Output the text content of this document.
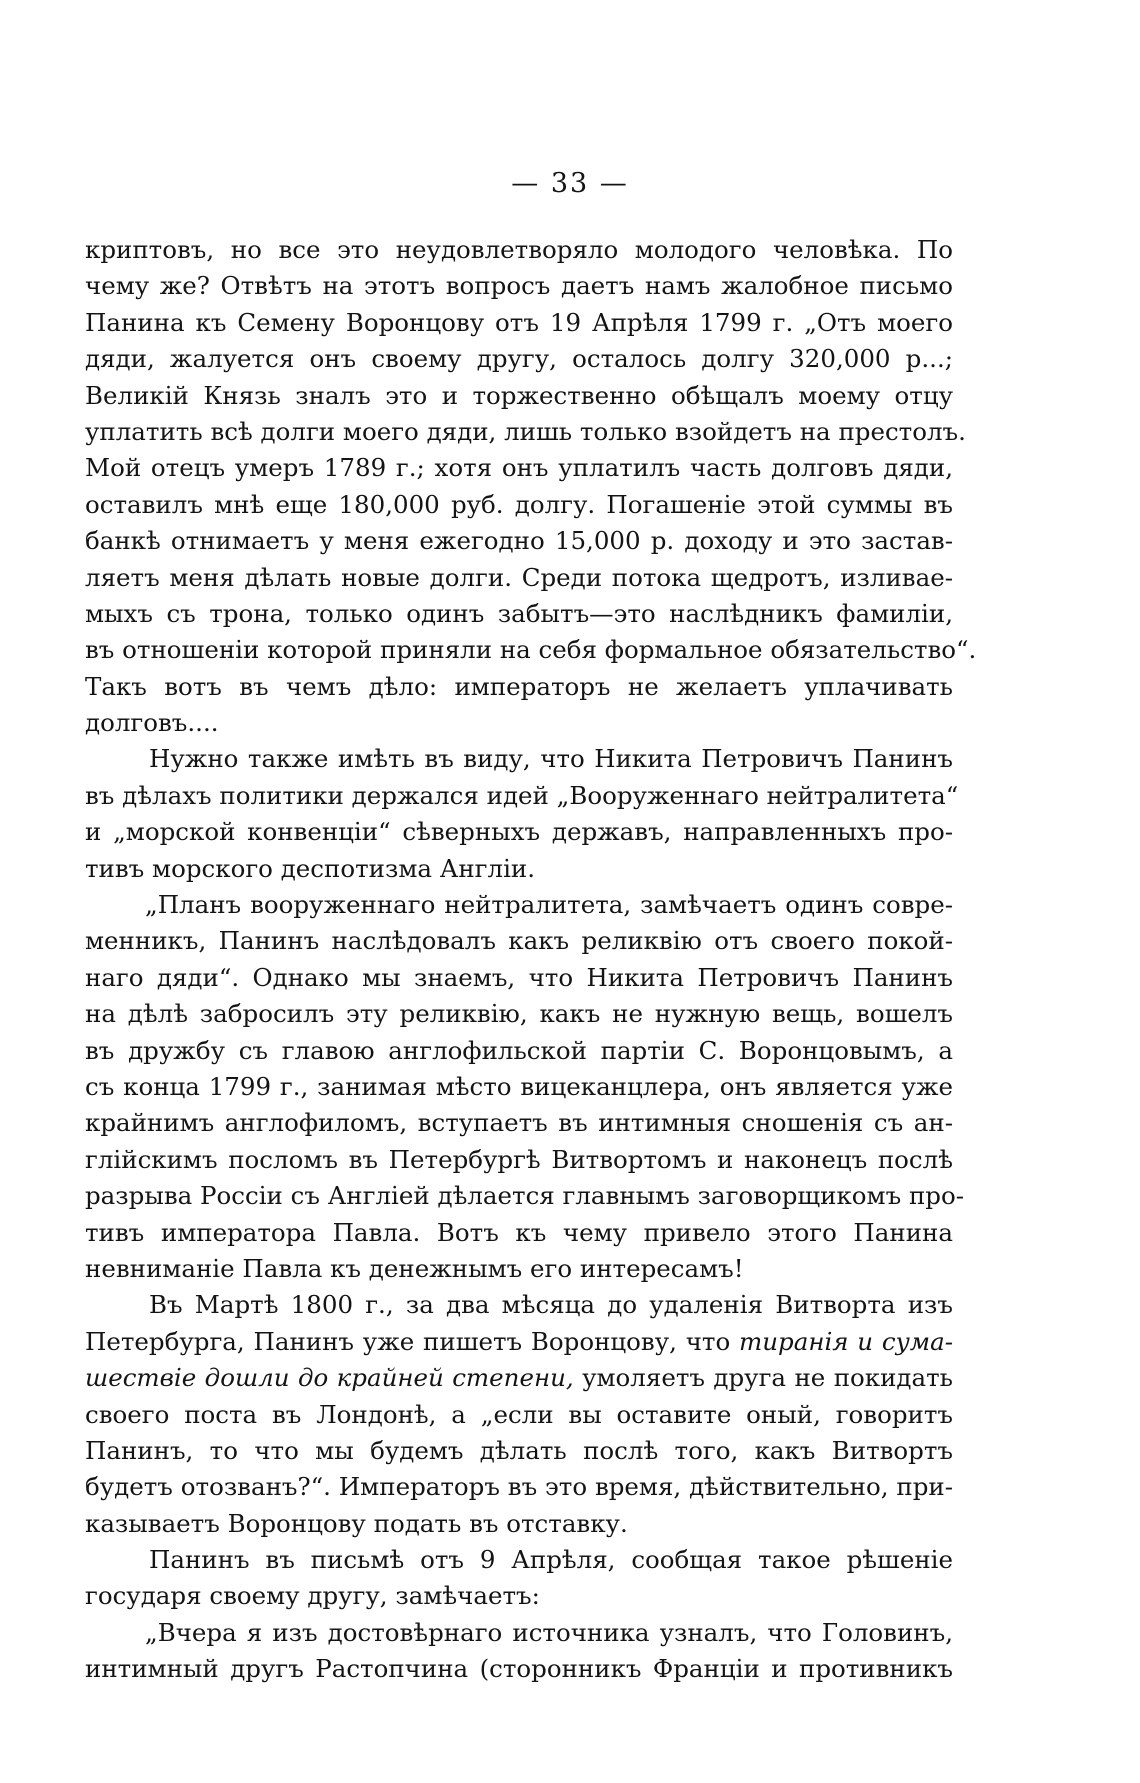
— 33 —
криптовъ, но все это неудовлетворяло молодого человѣка. По
чему же? Отвѣтъ на этотъ вопросъ даетъ намъ жалобное письмо
Панина къ Семену Воронцову отъ 19 Апрѣля 1799 г. „Отъ моего
дяди, жалуется онъ своему другу, осталось долгу 320,000 р...;
Великій Князь зналъ это и торжественно обѣщалъ моему отцу
уплатить всѣ долги моего дяди, лишь только взойдетъ на престолъ.
Мой отецъ умеръ 1789 г.; хотя онъ уплатилъ часть долговъ дяди,
оставилъ мнѣ еще 180,000 руб. долгу. Погашеніе этой суммы въ
банкѣ отнимаетъ у меня ежегодно 15,000 р. доходу и это застав-
ляетъ меня дѣлать новые долги. Среди потока щедротъ, изливае-
мыхъ съ трона, только одинъ забытъ—это наслѣдникъ фамиліи,
въ отношеніи которой приняли на себя формальное обязательство“.
Такъ вотъ въ чемъ дѣло: императоръ не желаетъ уплачивать
долговъ....
Нужно также имѣть въ виду, что Никита Петровичъ Панинъ
въ дѣлахъ политики держался идей „Вооруженнаго нейтралитета“
и „морской конвенціи“ сѣверныхъ державъ, направленныхъ про-
тивъ морского деспотизма Англіи.
„Планъ вооруженнаго нейтралитета, замѣчаетъ одинъ совре-
менникъ, Панинъ наслѣдовалъ какъ реликвію отъ своего покой-
наго дяди“. Однако мы знаемъ, что Никита Петровичъ Панинъ
на дѣлѣ забросилъ эту реликвію, какъ не нужную вещь, вошелъ
въ дружбу съ главою англофильской партіи С. Воронцовымъ, а
съ конца 1799 г., занимая мѣсто вицеканцлера, онъ является уже
крайнимъ англофиломъ, вступаетъ въ интимныя сношенія съ ан-
глійскимъ посломъ въ Петербургѣ Витвортомъ и наконецъ послѣ
разрыва Россіи съ Англіей дѣлается главнымъ заговорщикомъ про-
тивъ императора Павла. Вотъ къ чему привело этого Панина
невниманіе Павла къ денежнымъ его интересамъ!
Въ Мартѣ 1800 г., за два мѣсяца до удаленія Витворта изъ
Петербурга, Панинъ уже пишетъ Воронцову, что тиранія и сума-
шествіе дошли до крайней степени, умоляетъ друга не покидать
своего поста въ Лондонѣ, а „если вы оставите оный, говоритъ
Панинъ, то что мы будемъ дѣлать послѣ того, какъ Витвортъ
будетъ отозванъ?“. Императоръ въ это время, дѣйствительно, при-
казываетъ Воронцову подать въ отставку.
Панинъ въ письмѣ отъ 9 Апрѣля, сообщая такое рѣшеніе
государя своему другу, замѣчаетъ:
„Вчера я изъ достовѣрнаго источника узналъ, что Головинъ,
интимный другъ Растопчина (сторонникъ Франціи и противникъ
